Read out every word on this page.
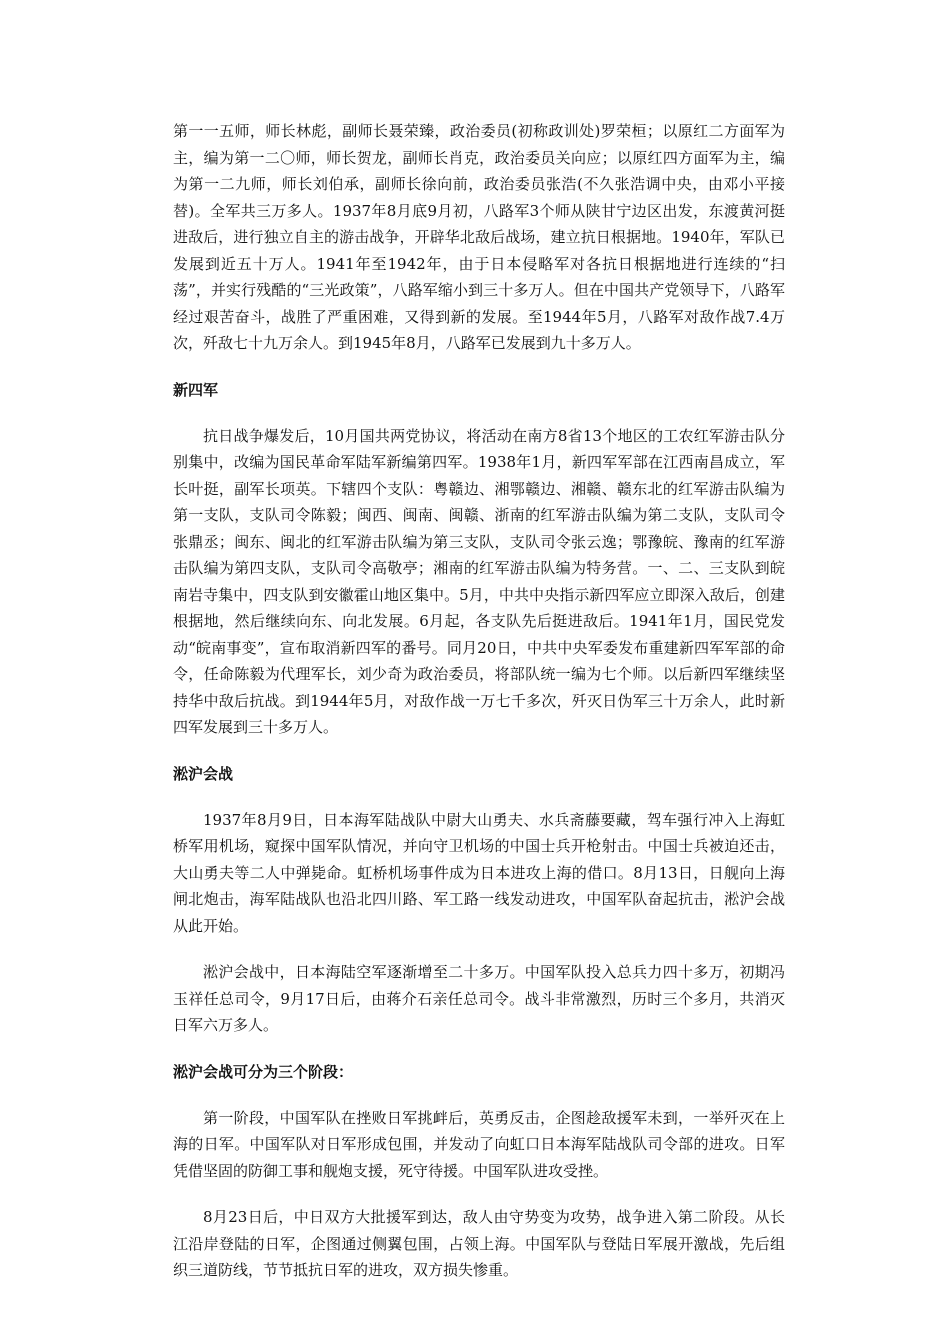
第一一五师，师长林彪，副师长聂荣臻，政治委员(初称政训处)罗荣桓；以原红二方面军为主，编为第一二〇师，师长贺龙，副师长肖克，政治委员关向应；以原红四方面军为主，编为第一二九师，师长刘伯承，副师长徐向前，政治委员张浩(不久张浩调中央，由邓小平接替)。全军共三万多人。1937年8月底9月初，八路军3个师从陕甘宁边区出发，东渡黄河挺进敌后，进行独立自主的游击战争，开辟华北敌后战场，建立抗日根据地。1940年，军队已发展到近五十万人。1941年至1942年，由于日本侵略军对各抗日根据地进行连续的“扫荡”，并实行残酷的“三光政策”，八路军缩小到三十多万人。但在中国共产党领导下，八路军经过艰苦奋斗，战胜了严重困难，又得到新的发展。至1944年5月，八路军对敌作战7.4万次，歼敌七十九万余人。到1945年8月，八路军已发展到九十多万人。

新四军

抗日战争爆发后，10月国共两党协议，将活动在南方8省13个地区的工农红军游击队分别集中，改编为国民革命军陆军新编第四军。1938年1月，新四军军部在江西南昌成立，军长叶挺，副军长项英。下辖四个支队：粤赣边、湘鄂赣边、湘赣、赣东北的红军游击队编为第一支队，支队司令陈毅；闽西、闽南、闽赣、浙南的红军游击队编为第二支队，支队司令张鼎丞；闽东、闽北的红军游击队编为第三支队，支队司令张云逸；鄂豫皖、豫南的红军游击队编为第四支队，支队司令高敬亭；湘南的红军游击队编为特务营。一、二、三支队到皖南岩寺集中，四支队到安徽霍山地区集中。5月，中共中央指示新四军应立即深入敌后，创建根据地，然后继续向东、向北发展。6月起，各支队先后挺进敌后。1941年1月，国民党发动“皖南事变”，宣布取消新四军的番号。同月20日，中共中央军委发布重建新四军军部的命令，任命陈毅为代理军长，刘少奇为政治委员，将部队统一编为七个师。以后新四军继续坚持华中敌后抗战。到1944年5月，对敌作战一万七千多次，歼灭日伪军三十万余人，此时新四军发展到三十多万人。

淞沪会战

1937年8月9日，日本海军陆战队中尉大山勇夫、水兵斋藤要藏，驾车强行冲入上海虹桥军用机场，窥探中国军队情况，并向守卫机场的中国士兵开枪射击。中国士兵被迫还击，大山勇夫等二人中弹毙命。虹桥机场事件成为日本进攻上海的借口。8月13日，日舰向上海闸北炮击，海军陆战队也沿北四川路、军工路一线发动进攻，中国军队奋起抗击，淞沪会战从此开始。

淞沪会战中，日本海陆空军逐渐增至二十多万。中国军队投入总兵力四十多万，初期冯玉祥任总司令，9月17日后，由蒋介石亲任总司令。战斗非常激烈，历时三个多月，共消灭日军六万多人。

淞沪会战可分为三个阶段：

第一阶段，中国军队在挫败日军挑衅后，英勇反击，企图趁敌援军未到，一举歼灭在上海的日军。中国军队对日军形成包围，并发动了向虹口日本海军陆战队司令部的进攻。日军凭借坚固的防御工事和舰炮支援，死守待援。中国军队进攻受挫。

8月23日后，中日双方大批援军到达，敌人由守势变为攻势，战争进入第二阶段。从长江沿岸登陆的日军，企图通过侧翼包围，占领上海。中国军队与登陆日军展开激战，先后组织三道防线，节节抵抗日军的进攻，双方损失惨重。
